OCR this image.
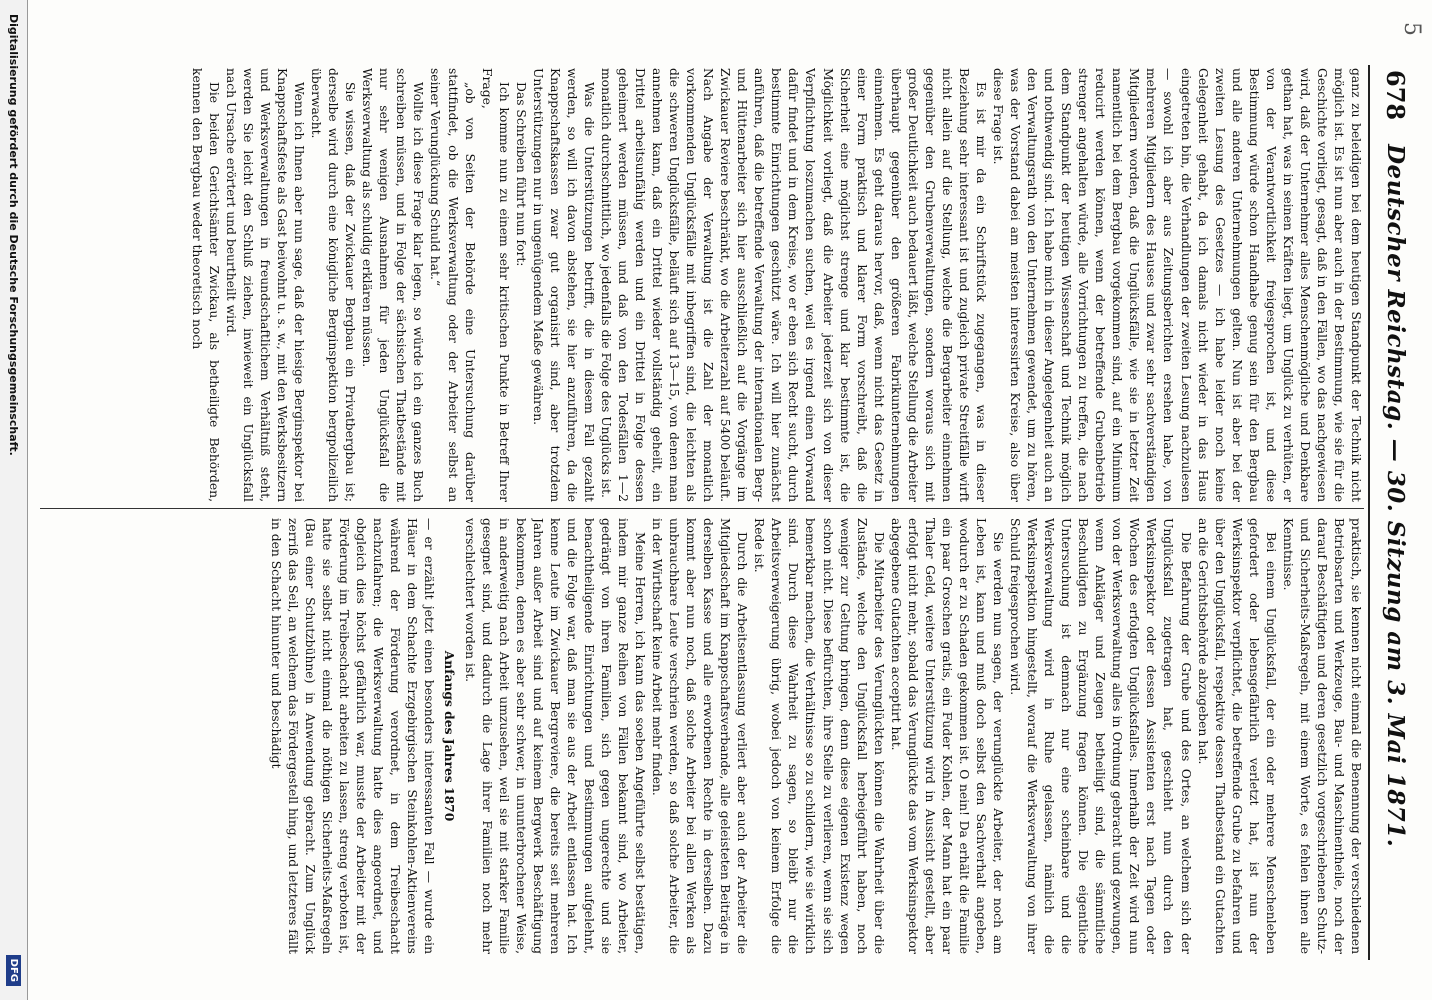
5
678
Deutscher Reichstag. — 30. Sitzung am 3. Mai 1871.

ganz zu beleidigen bei dem heutigen Standpunkt der Technik nicht möglich ist. Es ist nun aber auch in der Bestimmung, wie sie für die Geschichte vorliegt, gesagt, daß in den Fällen, wo das nachgewiesen wird, daß der Unternehmer alles Menschenmögliche und Denkbare gethan hat, was in seinen Kräften liegt, um Unglück zu verhüten, er von der Verantwortlichkeit freigesprochen ist, und diese Bestimmung würde schon Handhabe genug sein für den Bergbau und alle anderen Unternehmungen gelten. Nun ist aber bei der zweiten Lesung des Gesetzes — ich habe leider noch keine Gelegenheit gehabt, da ich damals nicht wieder in das Haus eingetreten bin, die Verhandlungen der zweiten Lesung nachzulesen — sowohl ich aber aus Zeitungsberichten ersehen habe, von mehreren Mitgliedern des Hauses und zwar sehr sachverständigen Mitgliedern worden, daß die Unglücksfälle, wie sie in letzter Zeit namentlich bei dem Bergbau vorgekommen sind, auf ein Minimum reducirt werden können, wenn der betreffende Grubenbetrieb strenger angehalten würde, alle Vorrichtungen zu treffen, die nach dem Standpunkt der heutigen Wissenschaft und Technik möglich und nothwendig sind. Ich habe mich in dieser Angelegenheit auch an den Verwaltungsrath von den Unternehmen gewendet, um zu hören, was der Vorstand dabei am meisten interessirten Kreise, also über diese Frage ist.

Es ist mir da ein Schriftstück zugegangen, was in dieser Beziehung sehr interessant ist und zugleich private Streitfälle wirft nicht allein auf die Stellung, welche die Bergarbeiter einnehmen gegenüber den Grubenverwaltungen, sondern woraus sich mit großer Deutlichkeit auch bedauert läßt, welche Stellung die Arbeiter überhaupt gegenüber den größeren Fabrikunternehmungen einnehmen. Es geht daraus hervor, daß, wenn nicht das Gesetz in einer Form praktisch und klarer Form vorschreibt, daß die Sicherheit eine möglichst strenge und klar bestimmte ist, die Möglichkeit vorliegt, daß die Arbeiter jederzeit sich von dieser Verpflichtung loszumachen suchen, weil es irgend einen Vorwand dafür findet und in dem Kreise, wo er eben sich Recht sucht, durch bestimmte Einrichtungen geschützt wäre. Ich will hier zunächst anführen, daß die betreffende Verwaltung der internationalen Berg- und Hüttenarbeiter sich hier ausschließlich auf die Vorgänge im Zwickauer Reviere beschränkt, wo die Arbeiterzahl auf 5400 beläuft. Nach Angabe der Verwaltung ist die Zahl der monatlich vorkommenden Unglücksfälle mit inbegriffen sind, die leichten als die schweren Unglücksfälle, beläuft sich auf 13—15, von denen man annehmen kann, daß ein Drittel wieder vollständig geheilt, ein Drittel arbeitsunfähig werden und ein Drittel in Folge dessen geheimert werden müssen, und daß von den Todesfällen 1—2 monatlich durchschnittlich, wo jedenfalls die Folge des Unglücks ist.

Was die Unterstützungen betrifft, die in diesem Fall gezahlt werden, so will ich davon abstehen, sie hier anzuführen, da die Knappschaftskassen zwar gut organisirt sind, aber trotzdem Unterstützungen nur in ungenügendem Maße gewähren.

Das Schreiben führt nun fort:

Ich komme nun zu einem sehr kritischen Punkte in Betreff Ihrer Frage,

„ob von Seiten der Behörde eine Untersuchung darüber stattfindet, ob die Werksverwaltung oder der Arbeiter selbst an seiner Verunglückung Schuld hat.“

Wollte ich diese Frage klar legen, so würde ich ein ganzes Buch schreiben müssen, und in Folge der sächsischen Thatbestände mit nur sehr wenigen Ausnahmen für jeden Unglücksfall die Werksverwaltung als schuldig erklären müssen.

Sie wissen, daß der Zwickauer Bergbau ein Privatbergbau ist; derselbe wird durch eine königliche Berginspektion bergpolizeilich überwacht.

Wenn ich Ihnen aber nun sage, daß der hiesige Berginspektor bei Knappschaftsfeste als Gast beiwohnt u. s. w., mit den Werksbesitzern und Werksverwaltungen in freundschaftlichem Verhältniß steht, werden Sie leicht den Schluß ziehen, inwieweit ein Unglücksfall nach Ursache erörtert und beurtheilt wird.

Die beiden Gerichtsämter Zwickau, als betheiligte Behörden, kennen den Bergbau weder theoretisch noch

praktisch, sie kennen nicht einmal die Benennung der verschiedenen Betriebsarten und Werkzeuge, Bau- und Maschinentheile, noch der darauf Beschäftigten und deren gesetzlich vorgeschriebenen Schutz- und Sicherheits-Maßregeln, mit einem Worte, es fehlen ihnen alle Kenntnisse.

Bei einem Unglücksfall, der ein oder mehrere Menschenleben gefordert oder lebensgefährlich verletzt hat, ist nun der Werksinspektor verpflichtet, die betreffende Grube zu befahren und über den Unglücksfall, respektive dessen Thatbestand ein Gutachten an die Gerichtsbehörde abzugeben hat.

Die Befahrung der Grube und des Ortes, an welchem sich der Unglücksfall zugetragen hat, geschieht nun durch den Werksinspektor oder dessen Assistenten erst nach Tagen oder Wochen des erfolgten Unglücksfalles. Innerhalb der Zeit wird nun von der Werksverwaltung alles in Ordnung gebracht und gezwungen, wenn Ankläger und Zeugen betheiligt sind, die sämmtliche Beschuldigten zu Ergänzung fragen können. Die eigentliche Untersuchung ist demnach nur eine scheinbare und die Werksverwaltung wird in Ruhe gelassen, nämlich die Werksinspektion hingestellt, worauf die Werksverwaltung von ihrer Schuld freigesprochen wird.

Sie werden nun sagen, der verunglückte Arbeiter, der noch am Leben ist, kann und muß doch selbst den Sachverhalt angeben, wodurch er zu Schaden gekommen ist. O nein! Da erhält die Familie ein paar Groschen gratis, ein Fuder Kohlen, der Mann hat ein paar Thaler Geld, weitere Unterstützung wird in Aussicht gestellt, aber erfolgt nicht mehr, sobald das Verunglückte das vom Werksinspektor abgegebene Gutachten acceptirt hat.

Die Mitarbeiter des Verunglückten können die Wahrheit über die Zustände, welche den Unglücksfall herbeigeführt haben, noch weniger zur Geltung bringen, denn diese eigenen Existenz wegen schon nicht. Diese befürchten, ihre Stelle zu verlieren, wenn sie sich bemerkbar machen, die Verhältnisse so zu schildern, wie sie wirklich sind. Durch diese Wahrheit zu sagen, so bleibt nur die Arbeitsverweigerung übrig, wobei jedoch von keinem Erfolge die Rede ist.

Durch die Arbeitsentlassung verliert aber auch der Arbeiter die Mitgliedschaft im Knappschaftsverbande, alle geleisteten Beiträge in derselben Kasse und alle erworbenen Rechte in derselben. Dazu kommt aber nun noch, daß solche Arbeiter bei allen Werken als unbrauchbare Leute verschrien werden, so daß solche Arbeiter, die in der Wirthschaft keine Arbeit mehr finden.

Meine Herren, ich kann das soeben Angeführte selbst bestätigen, indem mir ganze Reihen von Fällen bekannt sind, wo Arbeiter, gedrängt von ihren Familien, sich gegen ungerechte und sie benachtheiligende Einrichtungen und Bestimmungen aufgelehnt, und die Folge war, daß man sie aus der Arbeit entlassen hat. Ich kenne Leute im Zwickauer Bergreviere, die bereits seit mehreren Jahren außer Arbeit sind und auf keinem Bergwerk Beschäftigung bekommen, denen es aber sehr schwer, in ununterbrochener Weise, in anderweitig nach Arbeit umzusehen, weil sie mit starker Familie gesegnet sind, und dadurch die Lage ihrer Familien noch mehr verschlechtert worden ist.

Anfangs des Jahres 1870

— er erzählt jetzt einen besonders interessanten Fall — wurde ein Häuer in dem Schachte Erzgebirgischen Steinkohlen-Aktienvereins während der Förderung verordnet, in dem Treibeschacht nachzufahren; die Werksverwaltung hatte dies angeordnet, und obgleich dies höchst gefährlich war, musste der Arbeiter mit der Förderung im Treibeschacht arbeiten zu lassen, streng verboten ist, hatte sie selbst nicht einmal die nöthigen Sicherheits-Maßregeln (Bau einer Schutzbühne) in Anwendung gebracht. Zum Unglück zerriß das Seil, an welchem das Fördergestell hing, und letzteres fällt in den Schacht hinunter und beschädigt

Digitalisierung gefördert durch die Deutsche Forschungsgemeinschaft.
DFG
